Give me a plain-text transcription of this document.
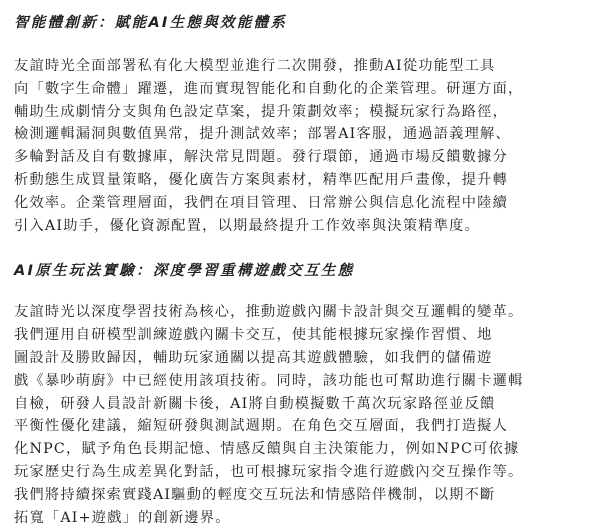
智能體創新：賦能AI生態與效能體系
友誼時光全面部署私有化大模型並進行二次開發，推動AI從功能型工具
向「數字生命體」躍遷，進而實現智能化和自動化的企業管理。研運方面，
輔助生成劇情分支與角色設定草案，提升策劃效率；模擬玩家行為路徑，
檢測邏輯漏洞與數值異常，提升測試效率；部署AI客服，通過語義理解、
多輪對話及自有數據庫，解決常見問題。發行環節，通過市場反饋數據分
析動態生成買量策略，優化廣告方案與素材，精準匹配用戶畫像，提升轉
化效率。企業管理層面，我們在項目管理、日常辦公與信息化流程中陸續
引入AI助手，優化資源配置，以期最終提升工作效率與決策精準度。
AI原生玩法實驗：深度學習重構遊戲交互生態
友誼時光以深度學習技術為核心，推動遊戲內關卡設計與交互邏輯的變革。
我們運用自研模型訓練遊戲內關卡交互，使其能根據玩家操作習慣、地
圖設計及勝敗歸因，輔助玩家通關以提高其遊戲體驗，如我們的儲備遊
戲《暴吵萌廚》中已經使用該項技術。同時，該功能也可幫助進行關卡邏輯
自檢，研發人員設計新關卡後，AI將自動模擬數千萬次玩家路徑並反饋
平衡性優化建議，縮短研發與測試週期。在角色交互層面，我們打造擬人
化NPC，賦予角色長期記憶、情感反饋與自主決策能力，例如NPC可依據
玩家歷史行為生成差異化對話，也可根據玩家指令進行遊戲內交互操作等。
我們將持續探索實踐AI驅動的輕度交互玩法和情感陪伴機制，以期不斷
拓寬「AI+遊戲」的創新邊界。
